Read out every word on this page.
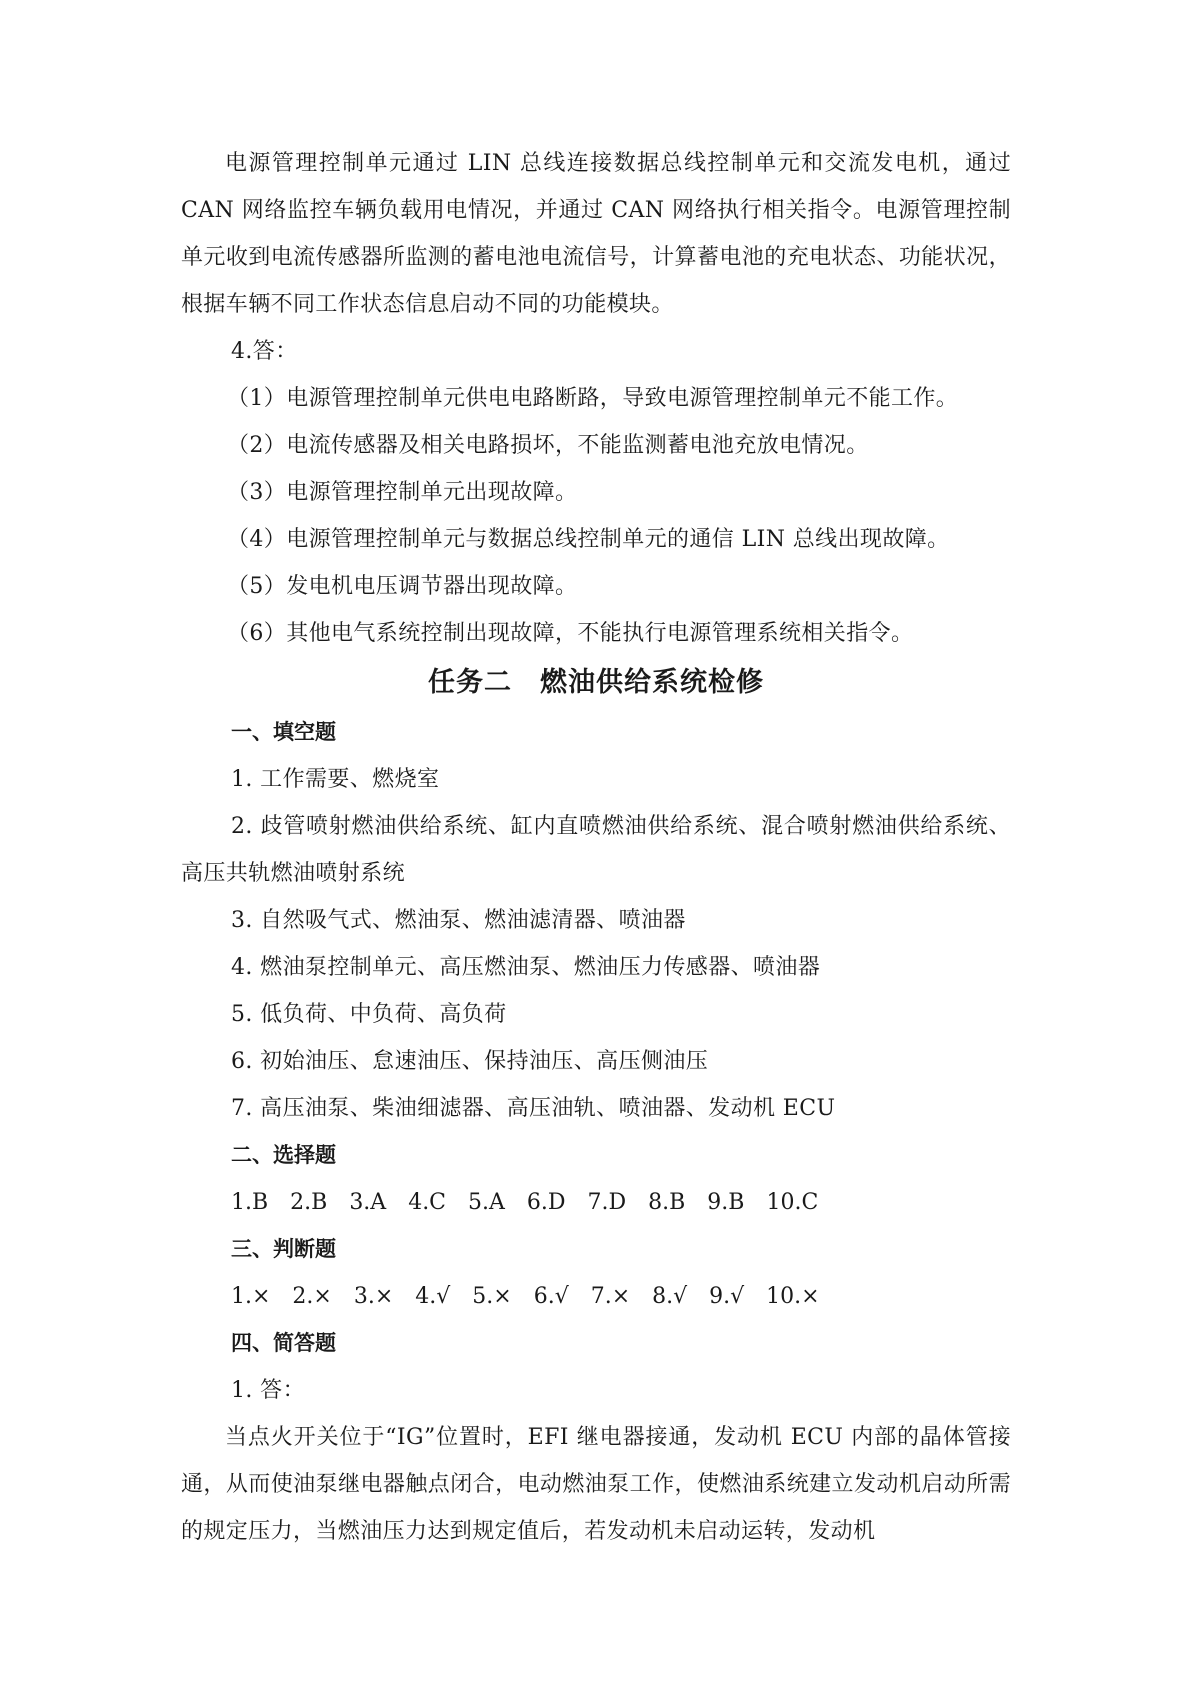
电源管理控制单元通过 LIN 总线连接数据总线控制单元和交流发电机，通过 CAN 网络监控车辆负载用电情况，并通过 CAN 网络执行相关指令。电源管理控制单元收到电流传感器所监测的蓄电池电流信号，计算蓄电池的充电状态、功能状况，根据车辆不同工作状态信息启动不同的功能模块。

4.答：

（1）电源管理控制单元供电电路断路，导致电源管理控制单元不能工作。

（2）电流传感器及相关电路损坏，不能监测蓄电池充放电情况。

（3）电源管理控制单元出现故障。

（4）电源管理控制单元与数据总线控制单元的通信 LIN 总线出现故障。

（5）发电机电压调节器出现故障。

（6）其他电气系统控制出现故障，不能执行电源管理系统相关指令。

任务二　燃油供给系统检修
一、填空题

1. 工作需要、燃烧室

2. 歧管喷射燃油供给系统、缸内直喷燃油供给系统、混合喷射燃油供给系统、高压共轨燃油喷射系统

3. 自然吸气式、燃油泵、燃油滤清器、喷油器

4. 燃油泵控制单元、高压燃油泵、燃油压力传感器、喷油器

5. 低负荷、中负荷、高负荷

6. 初始油压、怠速油压、保持油压、高压侧油压

7. 高压油泵、柴油细滤器、高压油轨、喷油器、发动机 ECU

二、选择题

1.B　2.B　3.A　4.C　5.A　6.D　7.D　8.B　9.B　10.C

三、判断题

1.×　2.×　3.×　4.√　5.×　6.√　7.×　8.√　9.√　10.×

四、简答题

1. 答：

当点火开关位于“IG”位置时，EFI 继电器接通，发动机 ECU 内部的晶体管接通，从而使油泵继电器触点闭合，电动燃油泵工作，使燃油系统建立发动机启动所需的规定压力，当燃油压力达到规定值后，若发动机未启动运转，发动机
